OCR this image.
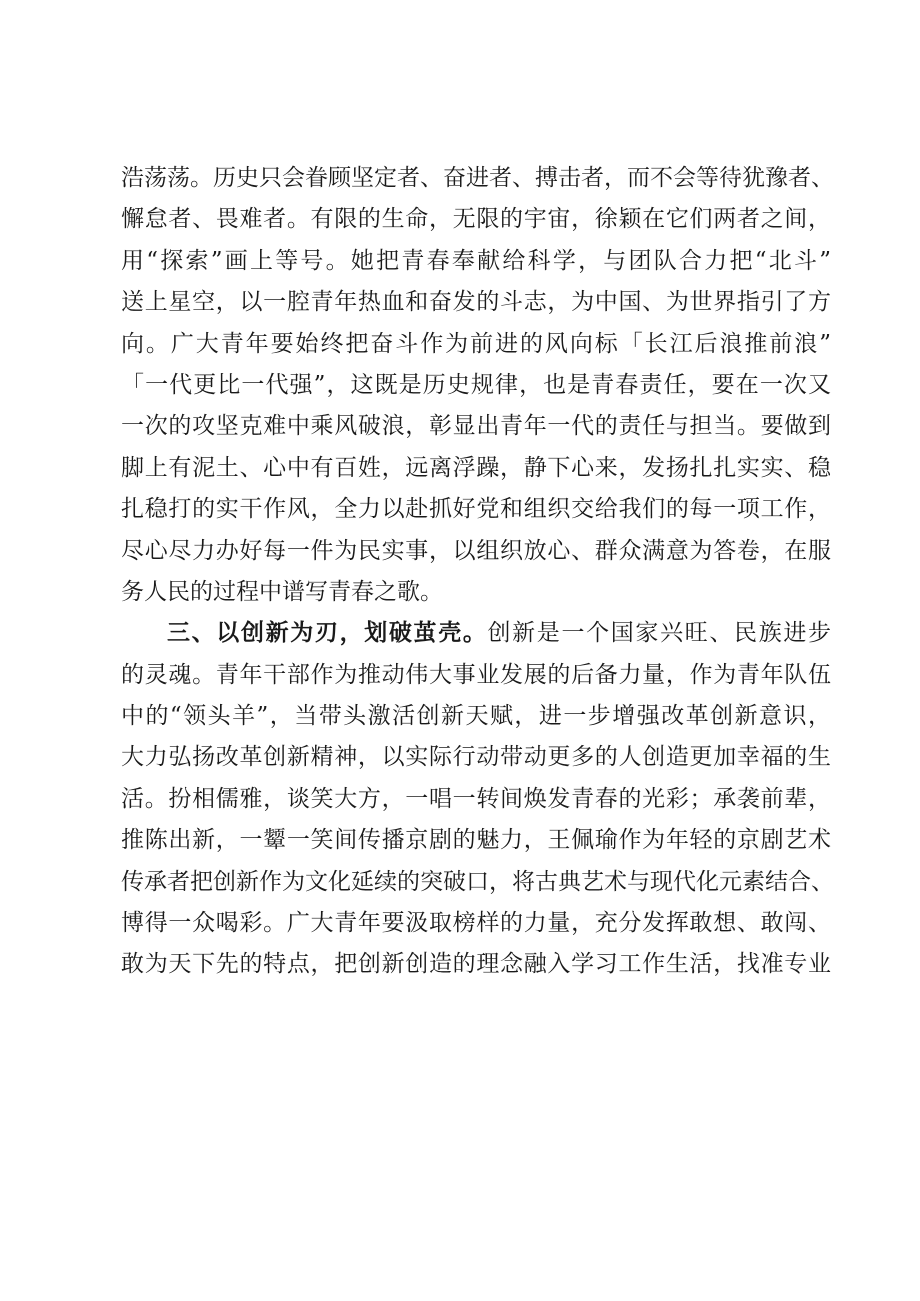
浩荡荡。历史只会眷顾坚定者、奋进者、搏击者，而不会等待犹豫者、
懈怠者、畏难者。有限的生命，无限的宇宙，徐颖在它们两者之间，
用“探索”画上等号。她把青春奉献给科学，与团队合力把“北斗”
送上星空，以一腔青年热血和奋发的斗志，为中国、为世界指引了方
向。广大青年要始终把奋斗作为前进的风向标「长江后浪推前浪”
「一代更比一代强”，这既是历史规律，也是青春责任，要在一次又
一次的攻坚克难中乘风破浪，彰显出青年一代的责任与担当。要做到
脚上有泥土、心中有百姓，远离浮躁，静下心来，发扬扎扎实实、稳
扎稳打的实干作风，全力以赴抓好党和组织交给我们的每一项工作，
尽心尽力办好每一件为民实事，以组织放心、群众满意为答卷，在服
务人民的过程中谱写青春之歌。
三、以创新为刃，划破茧壳。创新是一个国家兴旺、民族进步
的灵魂。青年干部作为推动伟大事业发展的后备力量，作为青年队伍
中的“领头羊”，当带头激活创新天赋，进一步增强改革创新意识，
大力弘扬改革创新精神，以实际行动带动更多的人创造更加幸福的生
活。扮相儒雅，谈笑大方，一唱一转间焕发青春的光彩；承袭前辈，
推陈出新，一颦一笑间传播京剧的魅力，王佩瑜作为年轻的京剧艺术
传承者把创新作为文化延续的突破口，将古典艺术与现代化元素结合、
博得一众喝彩。广大青年要汲取榜样的力量，充分发挥敢想、敢闯、
敢为天下先的特点，把创新创造的理念融入学习工作生活，找准专业
